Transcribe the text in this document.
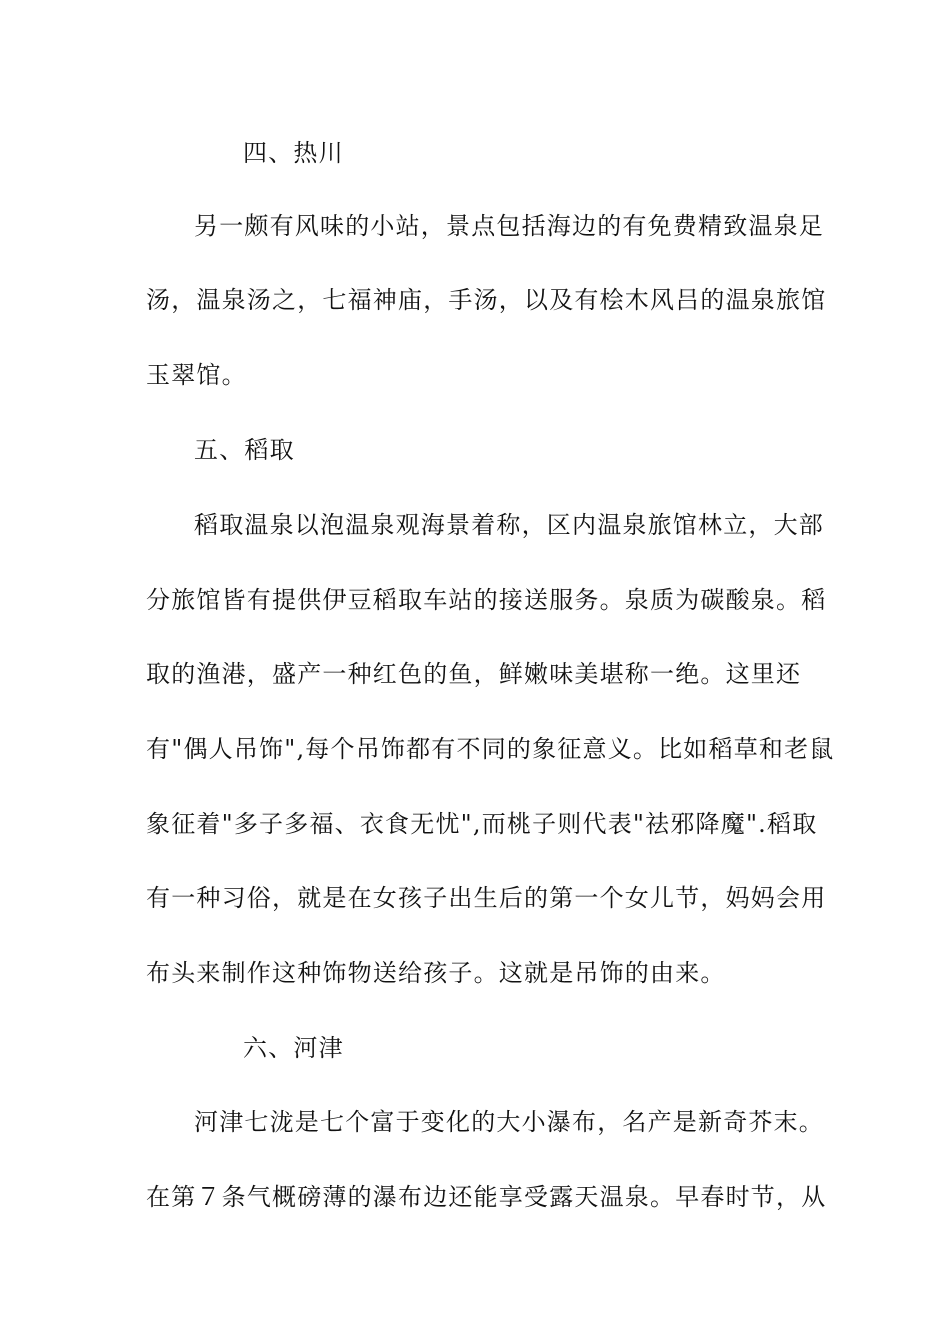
四、热川
另一颇有风味的小站，景点包括海边的有免费精致温泉足
汤，温泉汤之，七福神庙，手汤，以及有桧木风吕的温泉旅馆
玉翠馆。
五、稻取
稻取温泉以泡温泉观海景着称，区内温泉旅馆林立，大部
分旅馆皆有提供伊豆稻取车站的接送服务。泉质为碳酸泉。稻
取的渔港，盛产一种红色的鱼，鲜嫩味美堪称一绝。这里还
有"偶人吊饰",每个吊饰都有不同的象征意义。比如稻草和老鼠
象征着"多子多福、衣食无忧",而桃子则代表"祛邪降魔".稻取
有一种习俗，就是在女孩子出生后的第一个女儿节，妈妈会用
布头来制作这种饰物送给孩子。这就是吊饰的由来。
六、河津
河津七泷是七个富于变化的大小瀑布，名产是新奇芥末。
在第７条气概磅薄的瀑布边还能享受露天温泉。早春时节，从
